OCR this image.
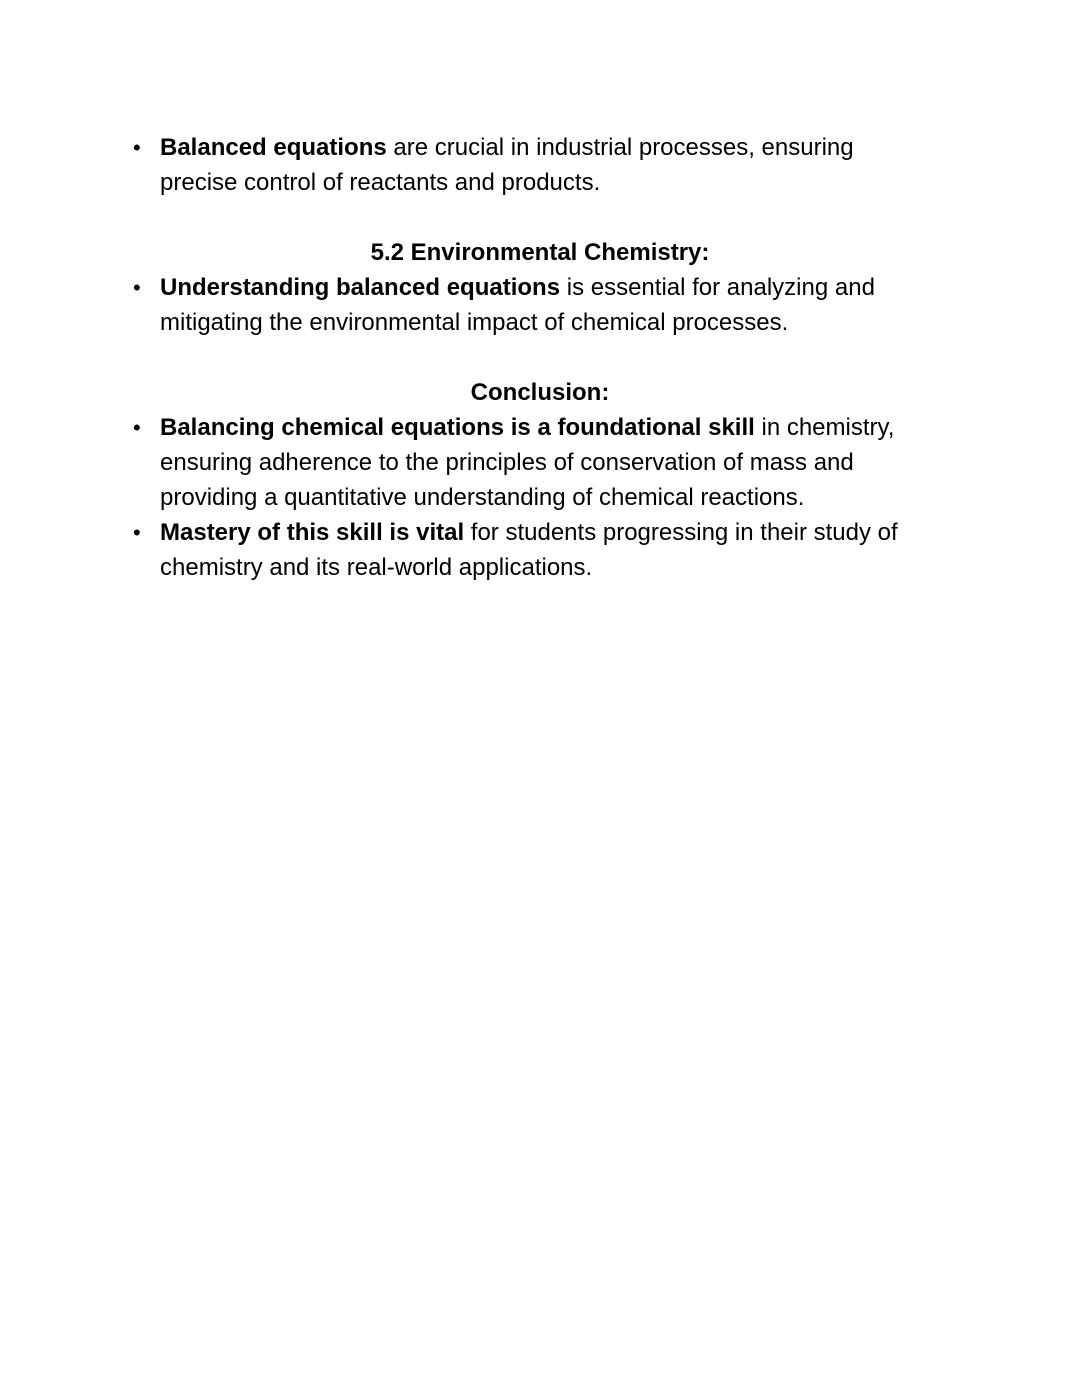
• Balanced equations are crucial in industrial processes, ensuring
precise control of reactants and products.
5.2 Environmental Chemistry:
• Understanding balanced equations is essential for analyzing and
mitigating the environmental impact of chemical processes.
Conclusion:
• Balancing chemical equations is a foundational skill in chemistry,
ensuring adherence to the principles of conservation of mass and
providing a quantitative understanding of chemical reactions.
• Mastery of this skill is vital for students progressing in their study of
chemistry and its real-world applications.
